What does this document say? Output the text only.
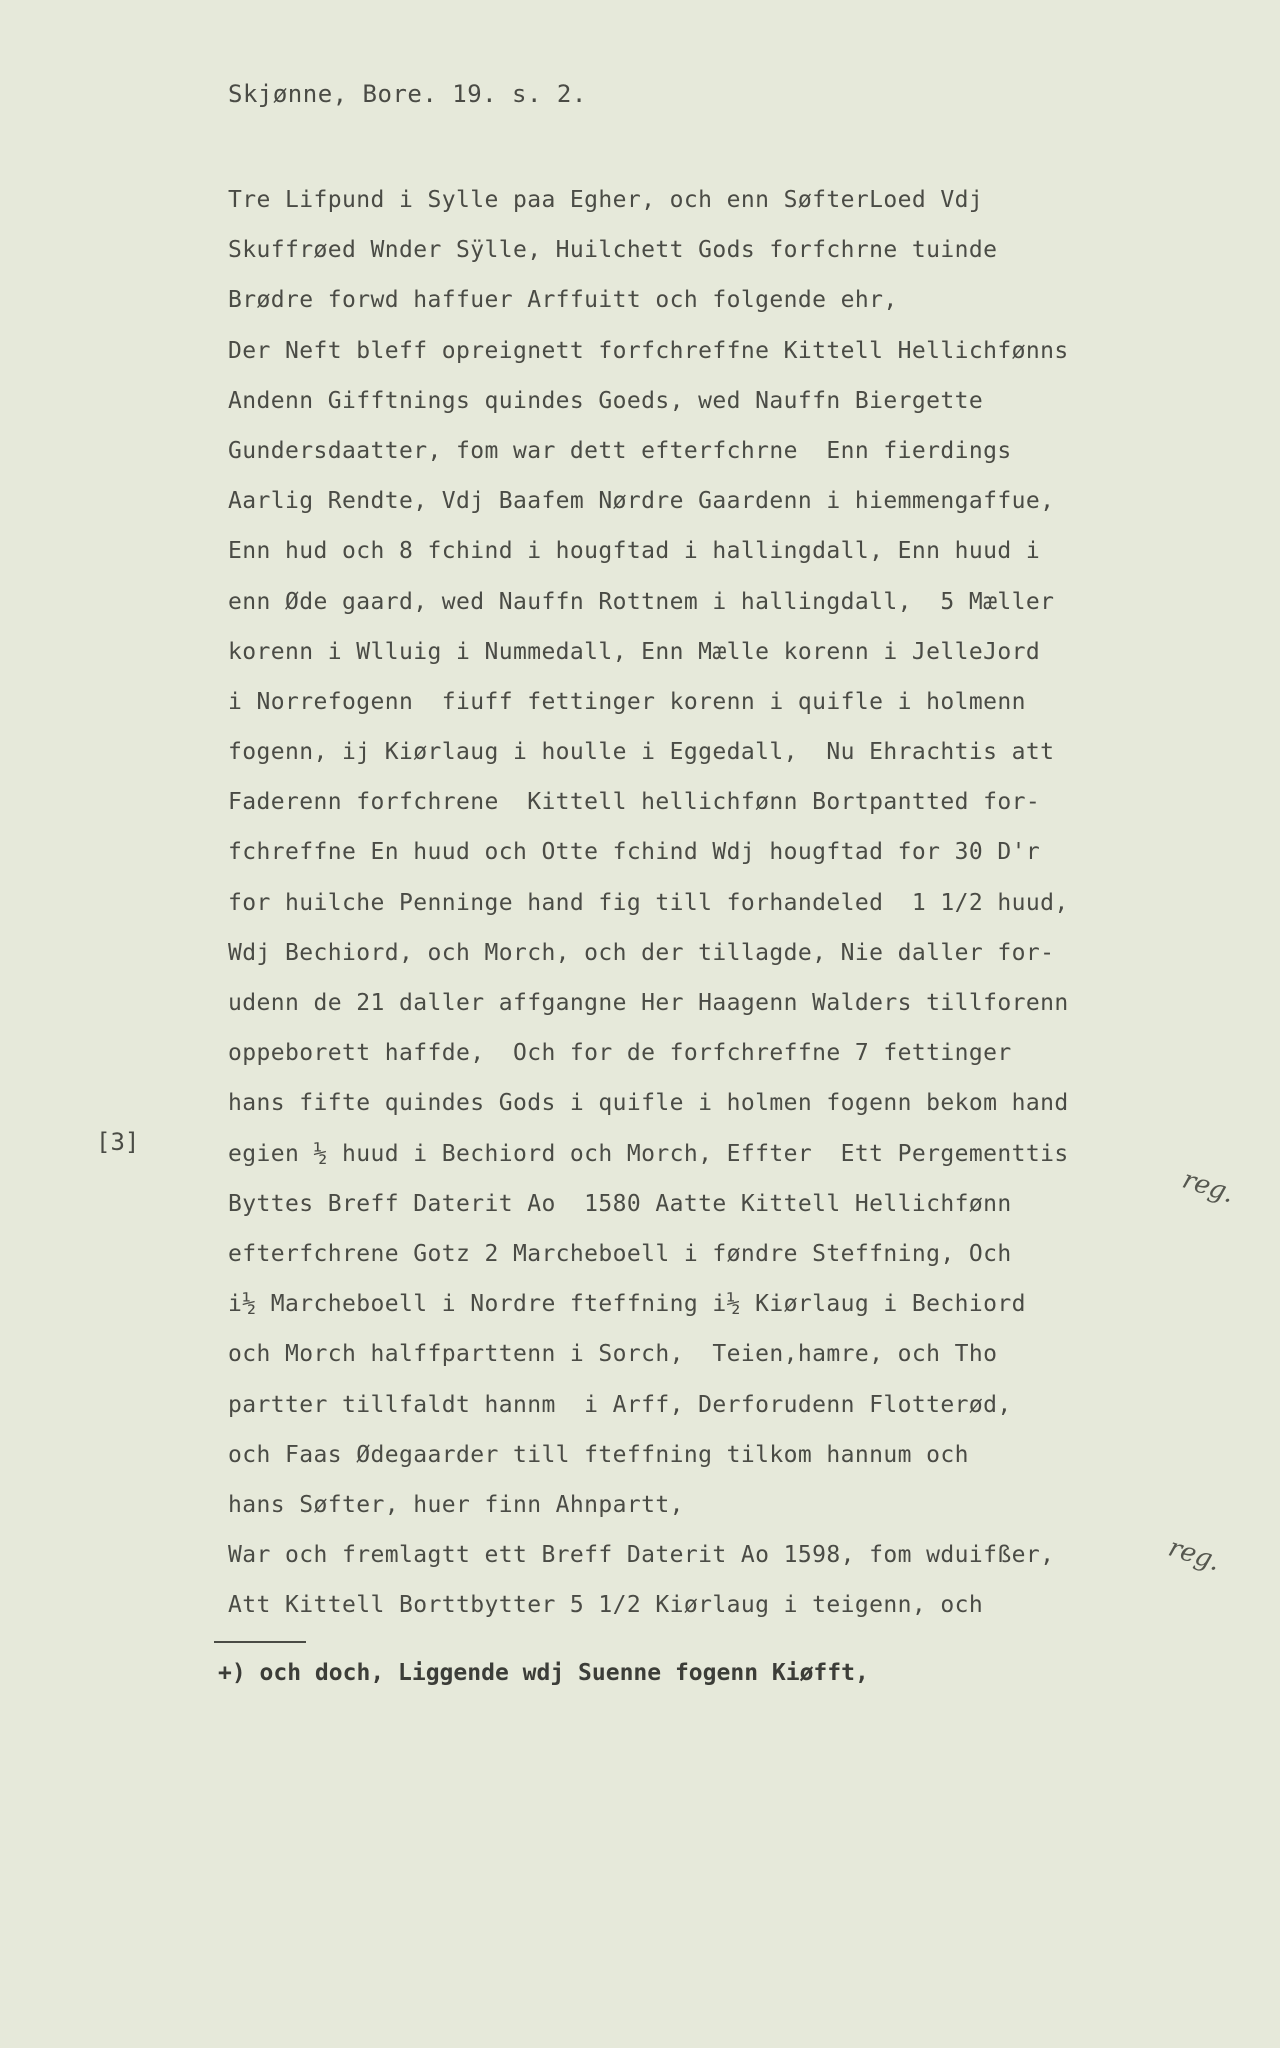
Skjønne, Bore. 19. s. 2.
Tre Lifpund i Sylle paa Egher, och enn SøfterLoed Vdj
Skuffrøed Wnder Sÿlle, Huilchett Gods forfchrne tuinde
Brødre forwd haffuer Arffuitt och folgende ehr,
Der Neft bleff opreignett forfchreffne Kittell Hellichfønns
Andenn Gifftnings quindes Goeds, wed Nauffn Biergette
Gundersdaatter, fom war dett efterfchrne  Enn fierdings
Aarlig Rendte, Vdj Baafem Nørdre Gaardenn i hiemmengaffue,
Enn hud och 8 fchind i hougftad i hallingdall, Enn huud i
enn Øde gaard, wed Nauffn Rottnem i hallingdall,  5 Mæller
korenn i Wlluig i Nummedall, Enn Mælle korenn i JelleJord
i Norrefogenn  fiuff fettinger korenn i quifle i holmenn
fogenn, ij Kiørlaug i houlle i Eggedall,  Nu Ehrachtis att
Faderenn forfchrene  Kittell hellichfønn Bortpantted for-
fchreffne En huud och Otte fchind Wdj hougftad for 30 D'r
for huilche Penninge hand fig till forhandeled  1 1/2 huud,
Wdj Bechiord, och Morch, och der tillagde, Nie daller for-
udenn de 21 daller affgangne Her Haagenn Walders tillforenn
oppeborett haffde,  Och for de forfchreffne 7 fettinger
hans fifte quindes Gods i quifle i holmen fogenn bekom hand
egien ½ huud i Bechiord och Morch, Effter  Ett Pergementtis
Byttes Breff Daterit Ao  1580 Aatte Kittell Hellichfønn
efterfchrene Gotz 2 Marcheboell i føndre Steffning, Och
i½ Marcheboell i Nordre fteffning i½ Kiørlaug i Bechiord
och Morch halffparttenn i Sorch,  Teien,hamre, och Tho
partter tillfaldt hannm  i Arff, Derforudenn Flotterød,
och Faas Ødegaarder till fteffning tilkom hannum och
hans Søfter, huer finn Ahnpartt,
War och fremlagtt ett Breff Daterit Ao 1598, fom wduifßer,
Att Kittell Borttbytter 5 1/2 Kiørlaug i teigenn, och
[3]
reg.
reg.
+) och doch, Liggende wdj Suenne fogenn Kiøfft,
